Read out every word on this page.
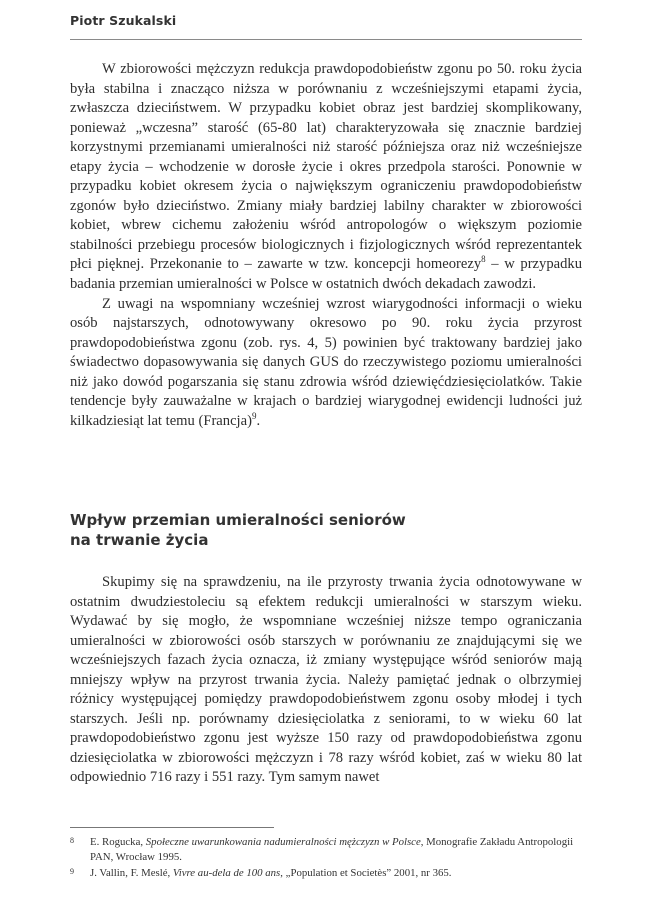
Piotr Szukalski

W zbiorowości mężczyzn redukcja prawdopodobieństw zgonu po 50. roku życia była stabilna i znacząco niższa w porównaniu z wcześniejszymi etapami życia, zwłaszcza dzieciństwem. W przypadku kobiet obraz jest bardziej skomplikowany, ponieważ „wczesna” starość (65-80 lat) charakteryzowała się znacznie bardziej korzystnymi przemianami umieralności niż starość późniejsza oraz niż wcześniejsze etapy życia – wchodzenie w dorosłe życie i okres przedpola starości. Ponownie w przypadku kobiet okresem życia o największym ograniczeniu prawdopodobieństw zgonów było dzieciństwo. Zmiany miały bardziej labilny charakter w zbiorowości kobiet, wbrew cichemu założeniu wśród antropologów o większym poziomie stabilności przebiegu procesów biologicznych i fizjologicznych wśród reprezentantek płci pięknej. Przekonanie to – zawarte w tzw. koncepcji homeorezy$^8$ – w przypadku badania przemian umieralności w Polsce w ostatnich dwóch dekadach zawodzi.

Z uwagi na wspomniany wcześniej wzrost wiarygodności informacji o wieku osób najstarszych, odnotowywany okresowo po 90. roku życia przyrost prawdopodobieństwa zgonu (zob. rys. 4, 5) powinien być traktowany bardziej jako świadectwo dopasowywania się danych GUS do rzeczywistego poziomu umieralności niż jako dowód pogarszania się stanu zdrowia wśród dziewięćdziesięciolatków. Takie tendencje były zauważalne w krajach o bardziej wiarygodnej ewidencji ludności już kilkadziesiąt lat temu (Francja)$^9$.

Wpływ przemian umieralności seniorów
na trwanie życia

Skupimy się na sprawdzeniu, na ile przyrosty trwania życia odnotowywane w ostatnim dwudziestoleciu są efektem redukcji umieralności w starszym wieku. Wydawać by się mogło, że wspomniane wcześniej niższe tempo ograniczania umieralności w zbiorowości osób starszych w porównaniu ze znajdującymi się we wcześniejszych fazach życia oznacza, iż zmiany występujące wśród seniorów mają mniejszy wpływ na przyrost trwania życia. Należy pamiętać jednak o olbrzymiej różnicy występującej pomiędzy prawdopodobieństwem zgonu osoby młodej i tych starszych. Jeśli np. porównamy dziesięciolatka z seniorami, to w wieku 60 lat prawdopodobieństwo zgonu jest wyższe 150 razy od prawdopodobieństwa zgonu dziesięciolatka w zbiorowości mężczyzn i 78 razy wśród kobiet, zaś w wieku 80 lat odpowiednio 716 razy i 551 razy. Tym samym nawet

8 E. Rogucka, Społeczne uwarunkowania nadumieralności mężczyzn w Polsce, Monografie Zakładu Antropologii PAN, Wrocław 1995.
9 J. Vallin, F. Meslé, Vivre au-dela de 100 ans, „Population et Societès” 2001, nr 365.
